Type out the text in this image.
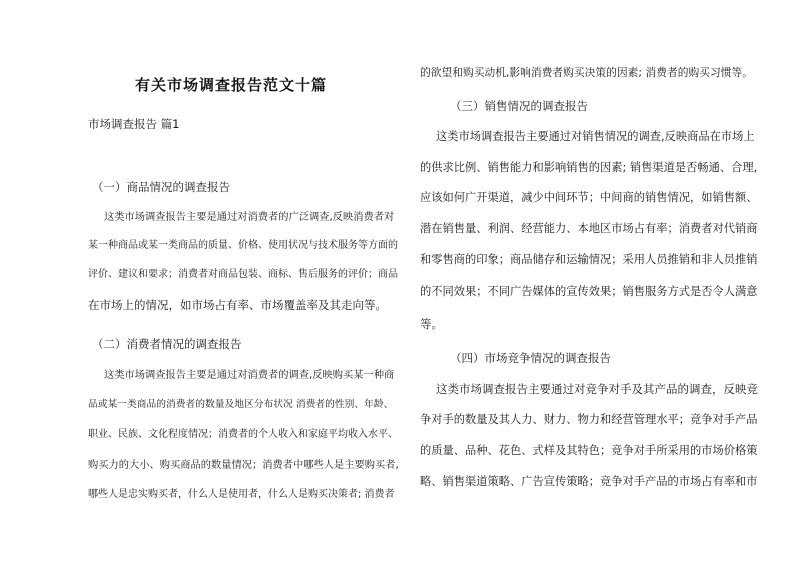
有关市场调查报告范文十篇
市场调查报告 篇1
（一）商品情况的调查报告
这类市场调查报告主要是通过对消费者的广泛调查,反映消费者对
某一种商品或某一类商品的质量、价格、使用状况与技术服务等方面的
评价、建议和要求；消费者对商品包装、商标、售后服务的评价；商品
在市场上的情况，如市场占有率、市场覆盖率及其走向等。
（二）消费者情况的调查报告
这类市场调查报告主要是通过对消费者的调查,反映购买某一种商
品或某一类商品的消费者的数量及地区分布状况 消费者的性别、年龄、
职业、民族、文化程度情况；消费者的个人收入和家庭平均收入水平、
购买力的大小、购买商品的数量情况；消费者中哪些人是主要购买者,
哪些人是忠实购买者，什么人是使用者，什么人是购买决策者; 消费者
的欲望和购买动机,影响消费者购买决策的因素; 消费者的购买习惯等。
（三）销售情况的调查报告
这类市场调查报告主要通过对销售情况的调查,反映商品在市场上
的供求比例、销售能力和影响销售的因素; 销售渠道是否畅通、合理,
应该如何广开渠道，减少中间环节；中间商的销售情况，如销售额、
潜在销售量、利润、经营能力、本地区市场占有率；消费者对代销商
和零售商的印象；商品储存和运输情况；采用人员推销和非人员推销
的不同效果；不同广告媒体的宣传效果；销售服务方式是否令人满意
等。
（四）市场竞争情况的调查报告
这类市场调查报告主要通过对竞争对手及其产品的调查，反映竞
争对手的数量及其人力、财力、物力和经营管理水平；竞争对手产品
的质量、品种、花色、式样及其特色；竞争对手所采用的市场价格策
略、销售渠道策略、广告宣传策略；竞争对手产品的市场占有率和市
